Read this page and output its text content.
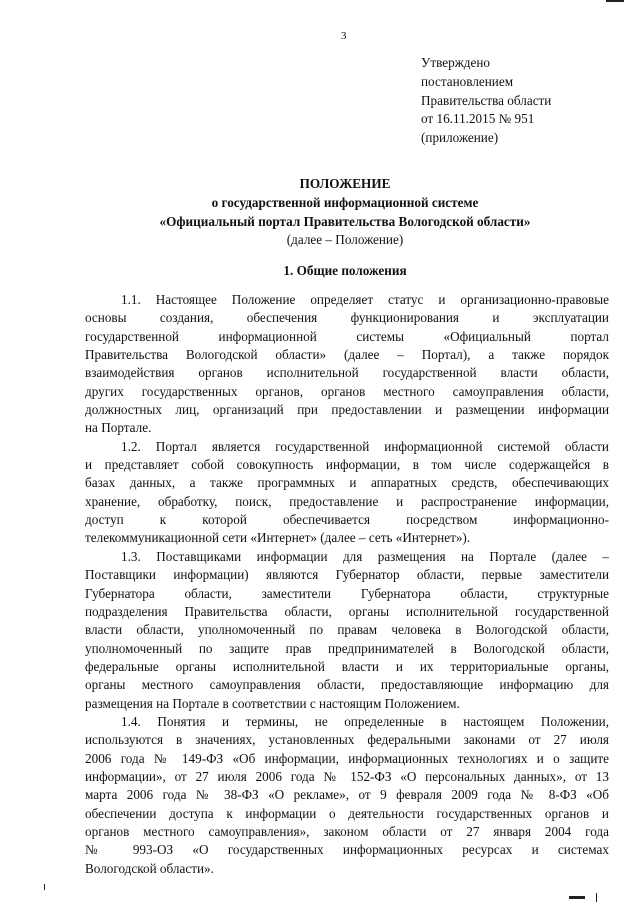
3
Утверждено
постановлением
Правительства области
от 16.11.2015 № 951
(приложение)
ПОЛОЖЕНИЕ
о государственной информационной системе
«Официальный портал Правительства Вологодской области»
(далее – Положение)
1. Общие положения

1.1. Настоящее Положение определяет статус и организационно-правовые
основы создания, обеспечения функционирования и эксплуатации
государственной информационной системы «Официальный портал
Правительства Вологодской области» (далее – Портал), а также порядок
взаимодействия органов исполнительной государственной власти области,
других государственных органов, органов местного самоуправления области,
должностных лиц, организаций при предоставлении и размещении информации
на Портале.

1.2. Портал является государственной информационной системой области
и представляет собой совокупность информации, в том числе содержащейся в
базах данных, а также программных и аппаратных средств, обеспечивающих
хранение, обработку, поиск, предоставление и распространение информации,
доступ к которой обеспечивается посредством информационно-
телекоммуникационной сети «Интернет» (далее – сеть «Интернет»).

1.3. Поставщиками информации для размещения на Портале (далее –
Поставщики информации) являются Губернатор области, первые заместители
Губернатора области, заместители Губернатора области, структурные
подразделения Правительства области, органы исполнительной государственной
власти области, уполномоченный по правам человека в Вологодской области,
уполномоченный по защите прав предпринимателей в Вологодской области,
федеральные органы исполнительной власти и их территориальные органы,
органы местного самоуправления области, предоставляющие информацию для
размещения на Портале в соответствии с настоящим Положением.

1.4. Понятия и термины, не определенные в настоящем Положении,
используются в значениях, установленных федеральными законами от 27 июля
2006 года № 149-ФЗ «Об информации, информационных технологиях и о защите
информации», от 27 июля 2006 года № 152-ФЗ «О персональных данных», от 13
марта 2006 года № 38-ФЗ «О рекламе», от 9 февраля 2009 года № 8-ФЗ «Об
обеспечении доступа к информации о деятельности государственных органов и
органов местного самоуправления», законом области от 27 января 2004 года
№ 993-ОЗ «О государственных информационных ресурсах и системах
Вологодской области».
